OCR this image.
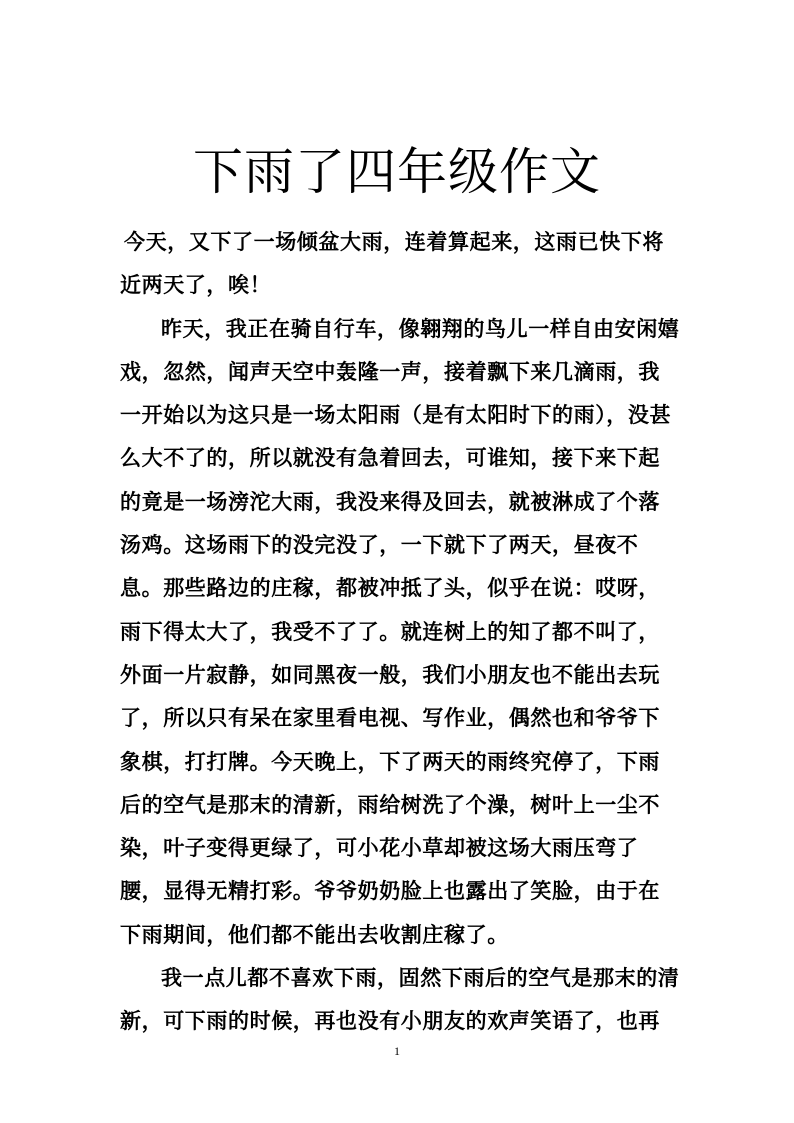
下雨了四年级作文
今天，又下了一场倾盆大雨，连着算起来，这雨已快下将
近两天了，唉！
昨天，我正在骑自行车，像翱翔的鸟儿一样自由安闲嬉
戏，忽然，闻声天空中轰隆一声，接着飘下来几滴雨，我
一开始以为这只是一场太阳雨（是有太阳时下的雨），没甚
么大不了的，所以就没有急着回去，可谁知，接下来下起
的竟是一场滂沱大雨，我没来得及回去，就被淋成了个落
汤鸡。这场雨下的没完没了，一下就下了两天，昼夜不
息。那些路边的庄稼，都被冲抵了头，似乎在说：哎呀，
雨下得太大了，我受不了了。就连树上的知了都不叫了，
外面一片寂静，如同黑夜一般，我们小朋友也不能出去玩
了，所以只有呆在家里看电视、写作业，偶然也和爷爷下
象棋，打打牌。今天晚上，下了两天的雨终究停了，下雨
后的空气是那末的清新，雨给树洗了个澡，树叶上一尘不
染，叶子变得更绿了，可小花小草却被这场大雨压弯了
腰，显得无精打彩。爷爷奶奶脸上也露出了笑脸，由于在
下雨期间，他们都不能出去收割庄稼了。
我一点儿都不喜欢下雨，固然下雨后的空气是那末的清
新，可下雨的时候，再也没有小朋友的欢声笑语了，也再
1
